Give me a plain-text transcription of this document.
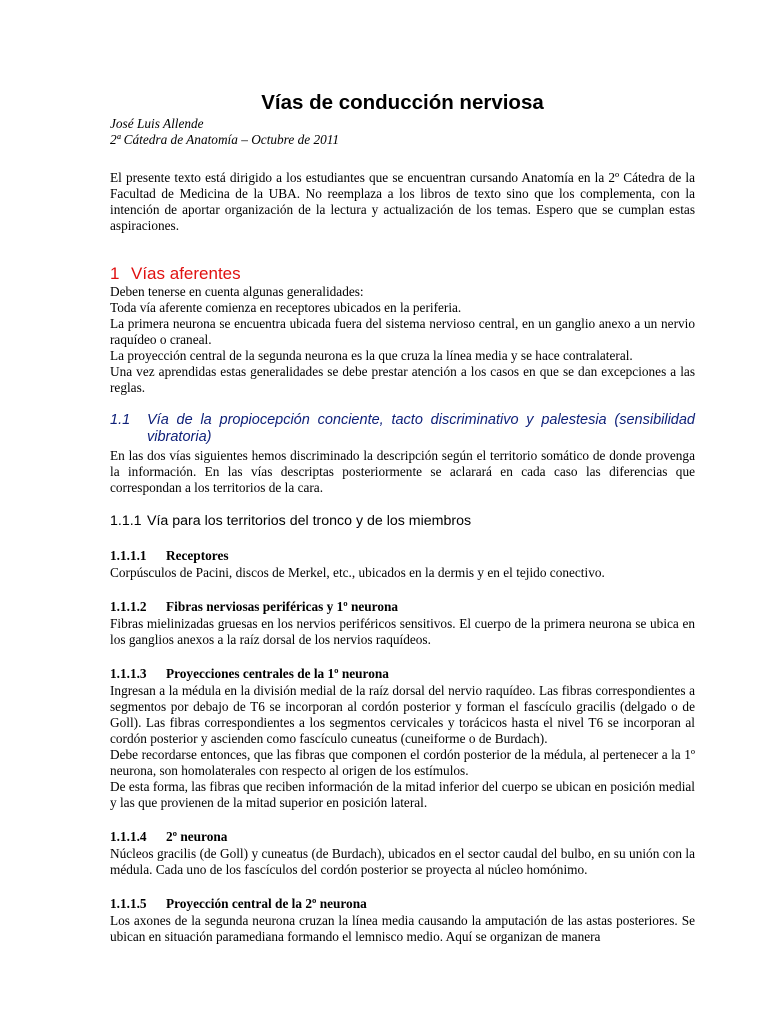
Vías de conducción nerviosa

José Luis Allende

2ª Cátedra de Anatomía – Octubre de 2011

El presente texto está dirigido a los estudiantes que se encuentran cursando Anatomía en la 2º Cátedra de la Facultad de Medicina de la UBA. No reemplaza a los libros de texto sino que los complementa, con la intención de aportar organización de la lectura y actualización de los temas. Espero que se cumplan estas aspiraciones.

1 Vías aferentes

Deben tenerse en cuenta algunas generalidades:
Toda vía aferente comienza en receptores ubicados en la periferia.
La primera neurona se encuentra ubicada fuera del sistema nervioso central, en un ganglio anexo a un nervio raquídeo o craneal.
La proyección central de la segunda neurona es la que cruza la línea media y se hace contralateral.
Una vez aprendidas estas generalidades se debe prestar atención a los casos en que se dan excepciones a las reglas.

1.1 Vía de la propiocepción conciente, tacto discriminativo y palestesia (sensibilidad vibratoria)

En las dos vías siguientes hemos discriminado la descripción según el territorio somático de donde provenga la información. En las vías descriptas posteriormente se aclarará en cada caso las diferencias que correspondan a los territorios de la cara.

1.1.1 Vía para los territorios del tronco y de los miembros
1.1.1.1 Receptores

Corpúsculos de Pacini, discos de Merkel, etc., ubicados en la dermis y en el tejido conectivo.

1.1.1.2 Fibras nerviosas periféricas y 1º neurona

Fibras mielinizadas gruesas en los nervios periféricos sensitivos. El cuerpo de la primera neurona se ubica en los ganglios anexos a la raíz dorsal de los nervios raquídeos.

1.1.1.3 Proyecciones centrales de la 1º neurona

Ingresan a la médula en la división medial de la raíz dorsal del nervio raquídeo. Las fibras correspondientes a segmentos por debajo de T6 se incorporan al cordón posterior y forman el fascículo gracilis (delgado o de Goll). Las fibras correspondientes a los segmentos cervicales y torácicos hasta el nivel T6 se incorporan al cordón posterior y ascienden como fascículo cuneatus (cuneiforme o de Burdach).
Debe recordarse entonces, que las fibras que componen el cordón posterior de la médula, al pertenecer a la 1º neurona, son homolaterales con respecto al origen de los estímulos.
De esta forma, las fibras que reciben información de la mitad inferior del cuerpo se ubican en posición medial y las que provienen de la mitad superior en posición lateral.

1.1.1.4 2º neurona

Núcleos gracilis (de Goll) y cuneatus (de Burdach), ubicados en el sector caudal del bulbo, en su unión con la médula. Cada uno de los fascículos del cordón posterior se proyecta al núcleo homónimo.

1.1.1.5 Proyección central de la 2º neurona

Los axones de la segunda neurona cruzan la línea media causando la amputación de las astas posteriores. Se ubican en situación paramediana formando el lemnisco medio. Aquí se organizan de manera
